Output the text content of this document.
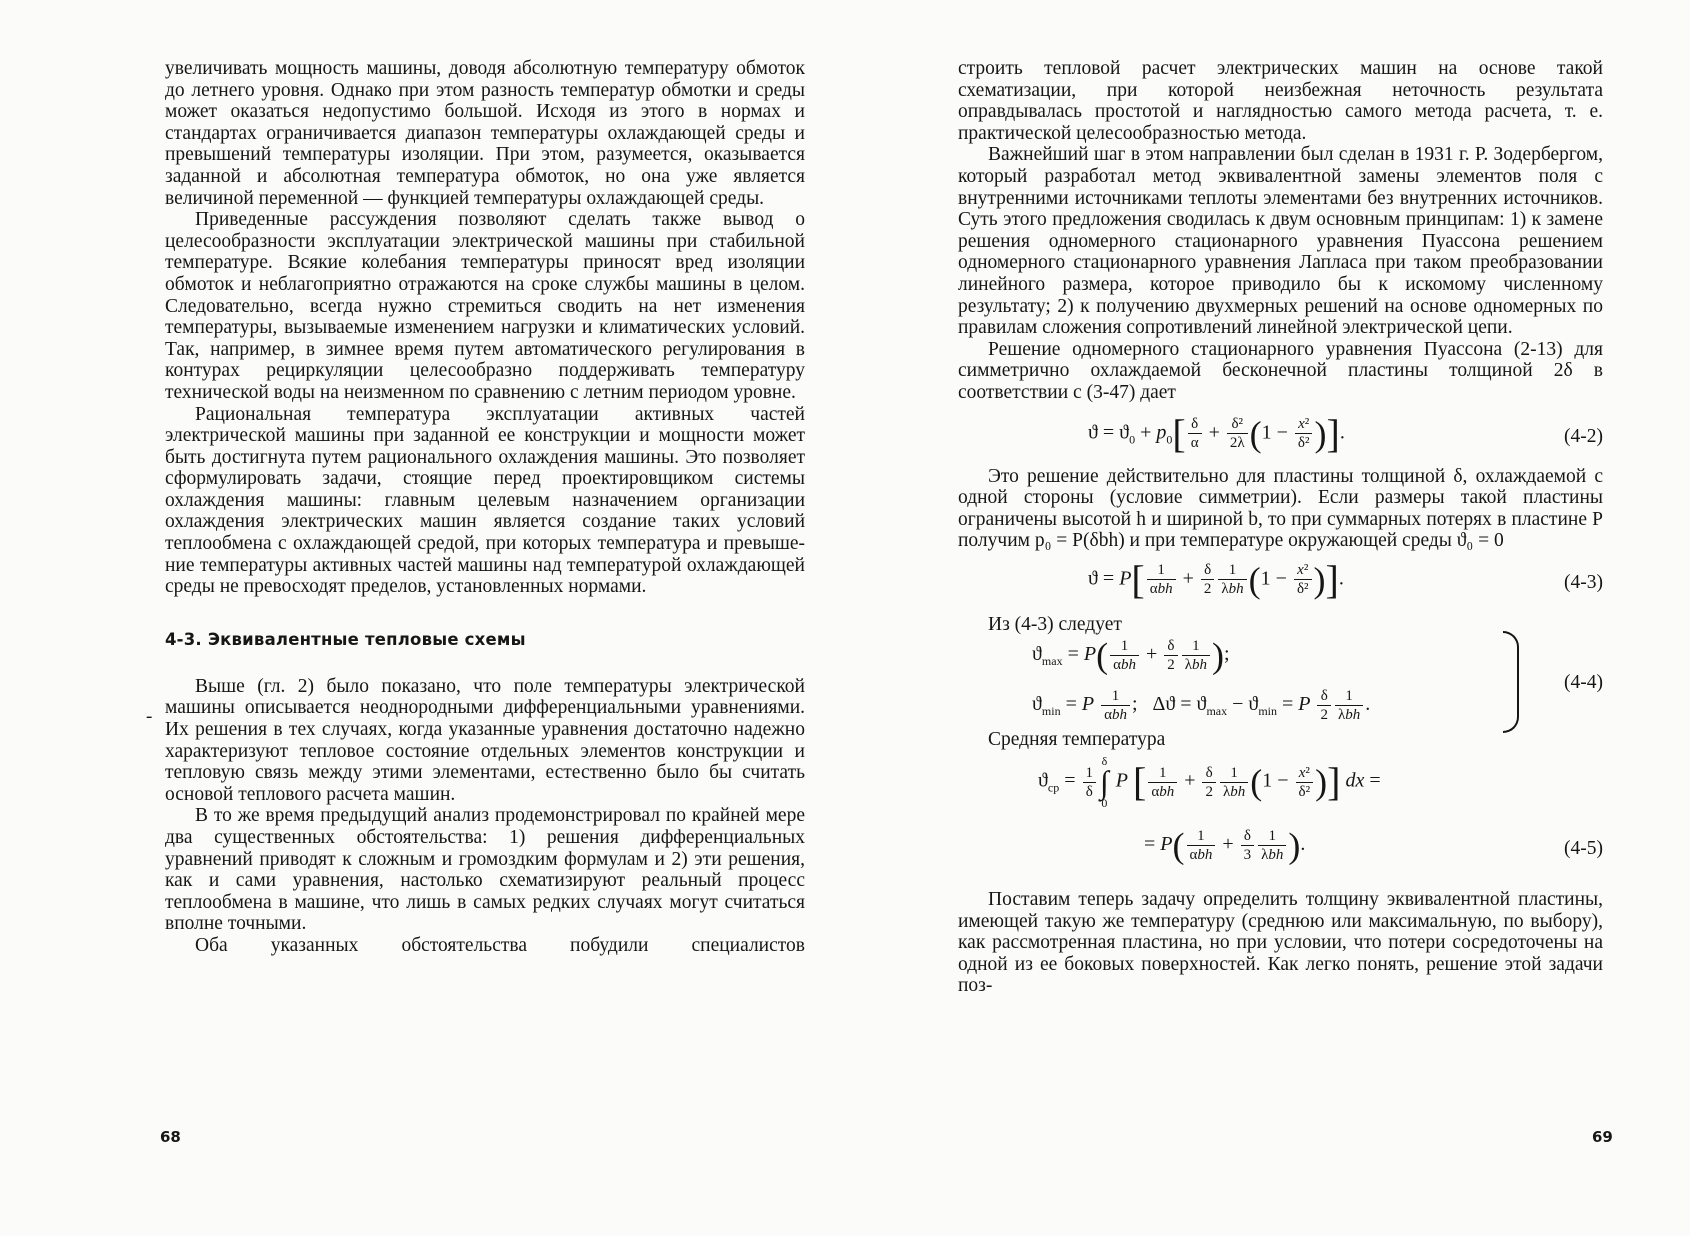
увеличивать мощность машины, доводя абсолютную температуру обмоток до летнего уровня. Однако при этом разность температур обмотки и среды может оказаться недопустимо большой. Исходя из этого в нормах и стандартах ограничивается диапазон температуры охлаждающей среды и превышений температуры изоляции. При этом, разумеется, оказывается заданной и абсолютная температура обмоток, но она уже является величиной переменной — функцией температуры охлаждающей среды.

Приведенные рассуждения позволяют сделать также вывод о целесообразности эксплуатации электрической машины при стабильной температуре. Всякие колебания температуры приносят вред изоляции обмоток и неблагоприятно отражаются на сроке службы машины в целом. Следовательно, всегда нужно стремиться сводить на нет изменения температуры, вызываемые изменением нагрузки и климатических условий. Так, например, в зимнее время путем автоматического регулирования в контурах рециркуляции целесообразно поддерживать температуру технической воды на неизменном по сравнению с летним периодом уровне.

Рациональная температура эксплуатации активных частей электрической машины при заданной ее конструкции и мощности может быть достигнута путем рационального охлаждения машины. Это позволяет сформулировать задачи, стоящие перед проектировщиком системы охлаждения машины: главным целевым назначением организации охлаждения электрических машин является создание таких условий теплообмена с охлаждающей средой, при которых температура и превышение температуры активных частей машины над температурой охлаждающей среды не превосходят пределов, установленных нормами.

4-3. Эквивалентные тепловые схемы

Выше (гл. 2) было показано, что поле температуры электрической машины описывается неоднородными дифференциальными уравнениями. Их решения в тех случаях, когда указанные уравнения достаточно надежно характеризуют тепловое состояние отдельных элементов конструкции и тепловую связь между этими элементами, естественно было бы считать основой теплового расчета машин.

В то же время предыдущий анализ продемонстрировал по крайней мере два существенных обстоятельства: 1) решения дифференциальных уравнений приводят к сложным и громоздким формулам и 2) эти решения, как и сами уравнения, настолько схематизируют реальный процесс теплообмена в машине, что лишь в самых редких случаях могут считаться вполне точными.

Оба указанных обстоятельства побудили специалистов

-
68

строить тепловой расчет электрических машин на основе такой схематизации, при которой неизбежная неточность результата оправдывалась простотой и наглядностью самого метода расчета, т. е. практической целесообразностью метода.

Важнейший шаг в этом направлении был сделан в 1931 г. Р. Зодербергом, который разработал метод эквивалентной замены элементов поля с внутренними источниками теплоты элементами без внутренних источников. Суть этого предложения сводилась к двум основным принципам: 1) к замене решения одномерного стационарного уравнения Пуассона решением одномерного стационарного уравнения Лапласа при таком преобразовании линейного размера, которое приводило бы к искомому численному результату; 2) к получению двухмерных решений на основе одномерных по правилам сложения сопротивлений линейной электрической цепи.

Решение одномерного стационарного уравнения Пуассона (2-13) для симметрично охлаждаемой бесконечной пластины толщиной 2δ в соответствии с (3-47) дает

$ϑ = ϑ_0 + p_0[ \frac{\delta}{\alpha} + \frac{\text{δ²}}{2\lambda} (1 - \frac{\text{x²}}{\text{δ²}}$ )].	(4-2)

Это решение действительно для пластины толщиной δ, охлаждаемой с одной стороны (условие симметрии). Если размеры такой пластины ограничены высотой h и шириной b, то при суммарных потерях в пластине P получим p₀ = P(δbh) и при температуре окружающей среды ϑ₀ = 0

$ϑ = P[ \frac{1}{\text{αbh}} + \frac{\delta}{2} \frac{1}{\text{λbh}} (1 - \frac{\text{x²}}{\text{δ²}}$ )].	(4-3)

Из (4-3) следует

$ϑ_{max} = P( \frac{1}{\text{αbh}} + \frac{\delta}{2} \frac{1}{\text{λbh}}$ );
$ϑ_{min} = P \frac{1}{\text{αbh}}$ ;   $\Delta ϑ = ϑ_{max} - ϑ_{min} = P \frac{\delta}{2} \frac{1}{\text{λbh}}$ .
(4-4)

Средняя температура

$ϑ_{ср} = \frac{1}{\delta}$
δ
∫
0
P [ $\frac{1}{\text{αbh}} + \frac{\delta}{2} \frac{1}{\text{λbh}} (1 - \frac{\text{x²}}{\text{δ²}}$ )] dx =
= $P( \frac{1}{\text{αbh}} + \frac{\delta}{3} \frac{1}{\text{λbh}}$ ).	(4-5)

Поставим теперь задачу определить толщину эквивалентной пластины, имеющей такую же температуру (среднюю или максимальную, по выбору), как рассмотренная пластина, но при условии, что потери сосредоточены на одной из ее боковых поверхностей. Как легко понять, решение этой задачи поз-

69
